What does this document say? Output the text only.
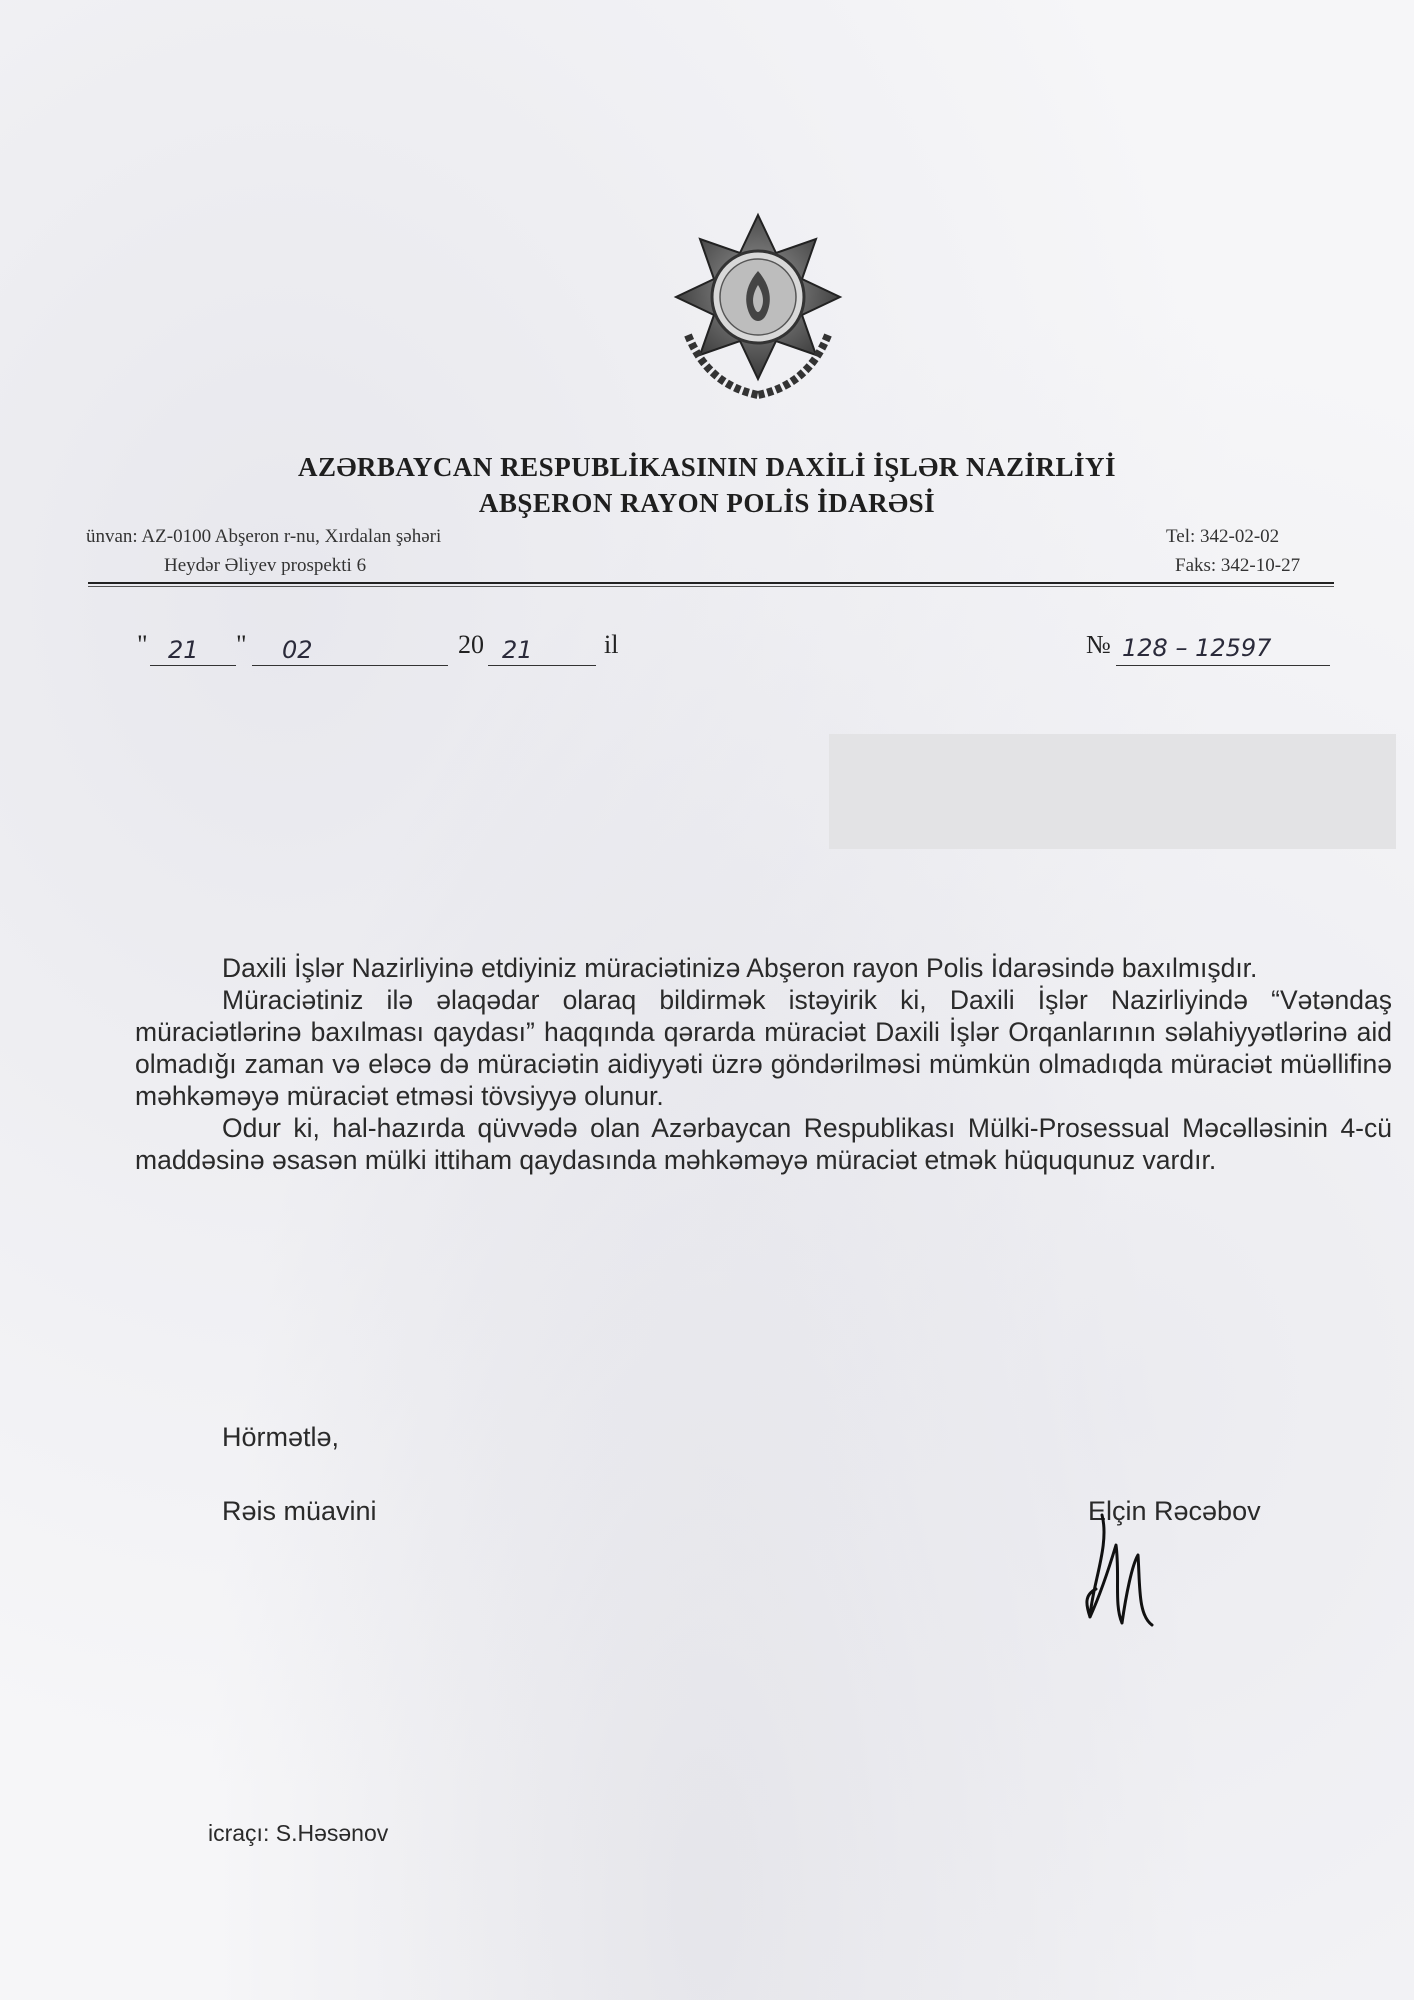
AZƏRBAYCAN RESPUBLİKASININ DAXİLİ İŞLƏR NAZİRLİYİ
ABŞERON RAYON POLİS İDARƏSİ
ünvan: AZ-0100 Abşeron r-nu, Xırdalan şəhəri
Heydər Əliyev prospekti 6
Tel: 342-02-02
Faks: 342-10-27
" 21 " 02	20 21	il	№ 128 – 12597

Daxili İşlər Nazirliyinə etdiyiniz müraciətinizə Abşeron rayon Polis İdarəsində baxılmışdır.

Müraciətiniz ilə əlaqədar olaraq bildirmək istəyirik ki, Daxili İşlər Nazirliyində “Vətəndaş müraciətlərinə baxılması qaydası” haqqında qərarda müraciət Daxili İşlər Orqanlarının səlahiyyətlərinə aid olmadığı zaman və eləcə də müraciətin aidiyyəti üzrə göndərilməsi mümkün olmadıqda müraciət müəllifinə məhkəməyə müraciət etməsi tövsiyyə olunur.

Odur ki, hal-hazırda qüvvədə olan Azərbaycan Respublikası Mülki-Prosessual Məcəlləsinin 4-cü maddəsinə əsasən mülki ittiham qaydasında məhkəməyə müraciət etmək hüququnuz vardır.

Hörmətlə,
Rəis müavini	Elçin Rəcəbov
icraçı: S.Həsənov
